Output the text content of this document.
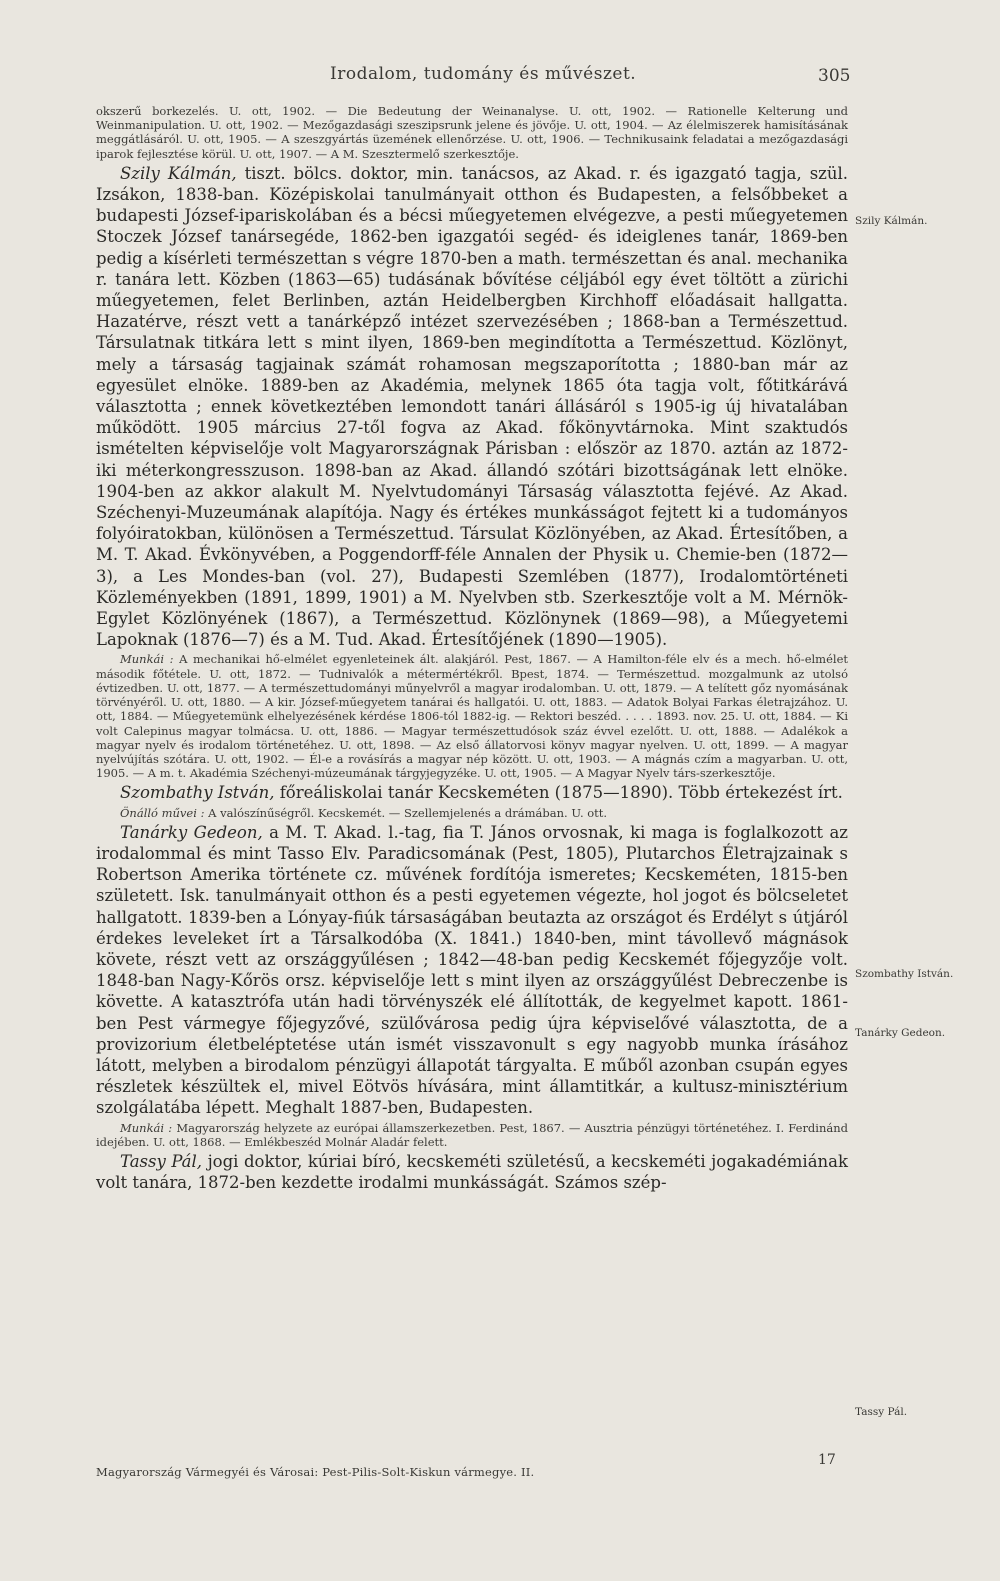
Irodalom, tudomány és művészet.	305

okszerű borkezelés. U. ott, 1902. — Die Bedeutung der Weinanalyse. U. ott, 1902. — Rationelle Kelterung und Weinmanipulation. U. ott, 1902. — Mezőgazdasági szeszipsrunk jelene és jövője. U. ott, 1904. — Az élelmiszerek hamisításának meggátlásáról. U. ott, 1905. — A szeszgyártás üzemének ellenőrzése. U. ott, 1906. — Technikusaink feladatai a mezőgazdasági iparok fejlesztése körül. U. ott, 1907. — A M. Szesztermelő szerkesztője.

Szily Kálmán, tiszt. bölcs. doktor, min. tanácsos, az Akad. r. és igazgató tagja, szül. Izsákon, 1838-ban. Középiskolai tanulmányait otthon és Budapesten, a felsőbbeket a budapesti József-ipariskolában és a bécsi műegyetemen elvégezve, a pesti műegyetemen Stoczek József tanársegéde, 1862-ben igazgatói segéd- és ideiglenes tanár, 1869-ben pedig a kísérleti természettan s végre 1870-ben a math. természettan és anal. mechanika r. tanára lett. Közben (1863—65) tudásának bővítése céljából egy évet töltött a zürichi műegyetemen, felet Berlinben, aztán Heidelbergben Kirchhoff előadásait hallgatta. Hazatérve, részt vett a tanárképző intézet szervezésében ; 1868-ban a Természettud. Társulatnak titkára lett s mint ilyen, 1869-ben megindította a Természettud. Közlönyt, mely a társaság tagjainak számát rohamosan megszaporította ; 1880-ban már az egyesület elnöke. 1889-ben az Akadémia, melynek 1865 óta tagja volt, főtitkárává választotta ; ennek következtében lemondott tanári állásáról s 1905-ig új hivatalában működött. 1905 március 27-től fogva az Akad. főkönyvtárnoka. Mint szaktudós ismételten képviselője volt Magyarországnak Párisban : először az 1870. aztán az 1872-iki méterkongresszuson. 1898-ban az Akad. állandó szótári bizottságának lett elnöke. 1904-ben az akkor alakult M. Nyelvtudományi Társaság választotta fejévé. Az Akad. Széchenyi-Muzeumának alapítója. Nagy és értékes munkásságot fejtett ki a tudományos folyóiratokban, különösen a Természettud. Társulat Közlönyében, az Akad. Értesítőben, a M. T. Akad. Évkönyvében, a Poggendorff-féle Annalen der Physik u. Chemie-ben (1872—3), a Les Mondes-ban (vol. 27), Budapesti Szemlében (1877), Irodalomtörténeti Közleményekben (1891, 1899, 1901) a M. Nyelvben stb. Szerkesztője volt a M. Mérnök-Egylet Közlönyének (1867), a Természettud. Közlönynek (1869—98), a Műegyetemi Lapoknak (1876—7) és a M. Tud. Akad. Értesítőjének (1890—1905).

Munkái : A mechanikai hő-elmélet egyenleteinek ált. alakjáról. Pest, 1867. — A Hamilton-féle elv és a mech. hő-elmélet második főtétele. U. ott, 1872. — Tudnivalók a métermértékről. Bpest, 1874. — Természettud. mozgalmunk az utolsó évtizedben. U. ott, 1877. — A természettudományi műnyelvről a magyar irodalomban. U. ott, 1879. — A telített gőz nyomásának törvényéről. U. ott, 1880. — A kir. József-műegyetem tanárai és hallgatói. U. ott, 1883. — Adatok Bolyai Farkas életrajzához. U. ott, 1884. — Műegyetemünk elhelyezésének kérdése 1806-tól 1882-ig. — Rektori beszéd. . . . . 1893. nov. 25. U. ott, 1884. — Ki volt Calepinus magyar tolmácsa. U. ott, 1886. — Magyar természettudósok száz évvel ezelőtt. U. ott, 1888. — Adalékok a magyar nyelv és irodalom történetéhez. U. ott, 1898. — Az első állatorvosi könyv magyar nyelven. U. ott, 1899. — A magyar nyelvújítás szótára. U. ott, 1902. — Él-e a rovásírás a magyar nép között. U. ott, 1903. — A mágnás czím a magyarban. U. ott, 1905. — A m. t. Akadémia Széchenyi-múzeumának tárgyjegyzéke. U. ott, 1905. — A Magyar Nyelv társ-szerkesztője.

Szombathy István, főreáliskolai tanár Kecskeméten (1875—1890). Több értekezést írt.

Önálló művei : A valószínűségről. Kecskemét. — Szellemjelenés a drámában. U. ott.

Tanárky Gedeon, a M. T. Akad. l.-tag, fia T. János orvosnak, ki maga is foglalkozott az irodalommal és mint Tasso Elv. Paradicsomának (Pest, 1805), Plutarchos Életrajzainak s Robertson Amerika története cz. művének fordítója ismeretes; Kecskeméten, 1815-ben született. Isk. tanulmányait otthon és a pesti egyetemen végezte, hol jogot és bölcseletet hallgatott. 1839-ben a Lónyay-fiúk társaságában beutazta az országot és Erdélyt s útjáról érdekes leveleket írt a Társalkodóba (X. 1841.) 1840-ben, mint távollevő mágnások követe, részt vett az országgyűlésen ; 1842—48-ban pedig Kecskemét főjegyzője volt. 1848-ban Nagy-Kőrös orsz. képviselője lett s mint ilyen az országgyűlést Debreczenbe is követte. A katasztrófa után hadi törvényszék elé állították, de kegyelmet kapott. 1861-ben Pest vármegye főjegyzővé, szülővárosa pedig újra képviselővé választotta, de a provizorium életbeléptetése után ismét visszavonult s egy nagyobb munka írásához látott, melyben a birodalom pénzügyi állapotát tárgyalta. E műből azonban csupán egyes részletek készültek el, mivel Eötvös hívására, mint államtitkár, a kultusz-minisztérium szolgálatába lépett. Meghalt 1887-ben, Budapesten.

Munkái : Magyarország helyzete az európai államszerkezetben. Pest, 1867. — Ausztria pénzügyi történetéhez. I. Ferdinánd idejében. U. ott, 1868. — Emlékbeszéd Molnár Aladár felett.

Tassy Pál, jogi doktor, kúriai bíró, kecskeméti születésű, a kecskeméti jogakadémiának volt tanára, 1872-ben kezdette irodalmi munkásságát. Számos szép-

Szily Kálmán.
Szombathy István.
Tanárky Gedeon.
Tassy Pál.
Magyarország Vármegyéi és Városai: Pest-Pilis-Solt-Kiskun vármegye. II.
17
